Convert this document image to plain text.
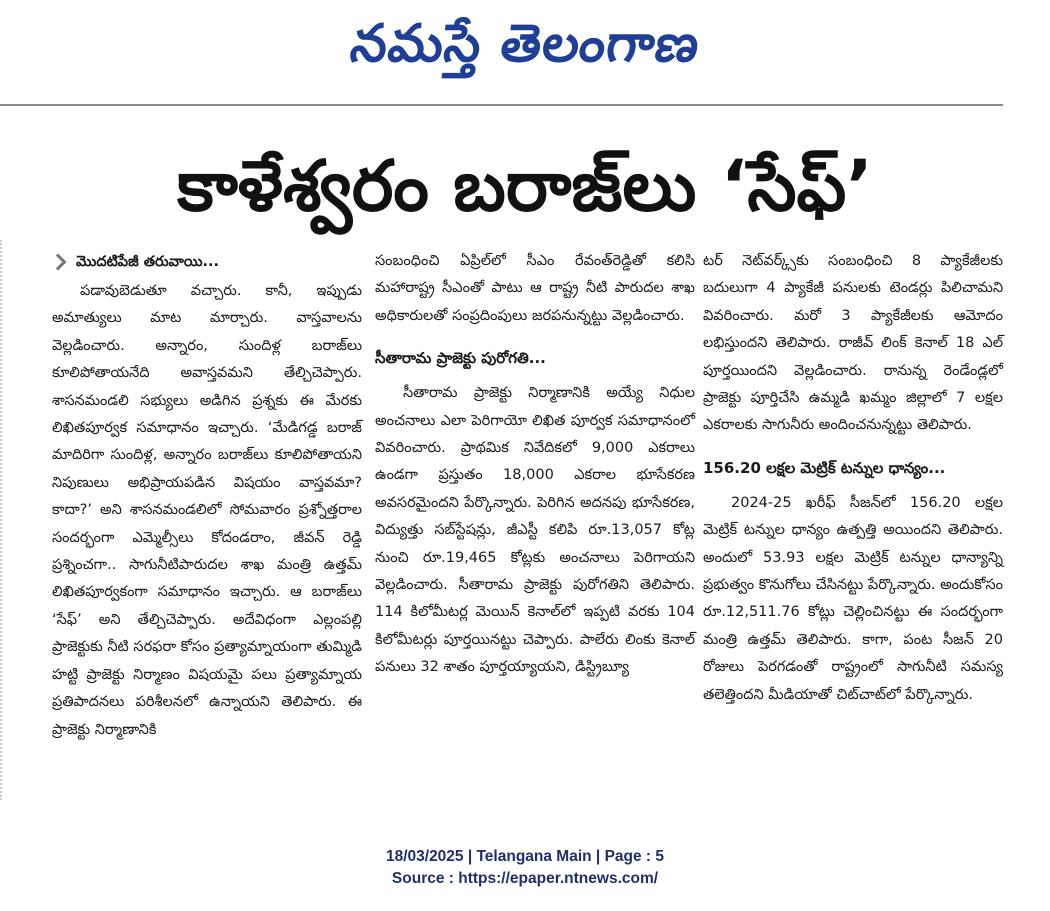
నమస్తే తెలంగాణ
కాళేశ్వరం బరాజ్‌లు ‘సేఫ్’
మొదటిపేజీ తరువాయి...

పడావుబెడుతూ వచ్చారు. కానీ, ఇప్పుడు అమాత్యులు మాట మార్చారు. వాస్తవాలను వెల్లడించారు. అన్నారం, సుందిళ్ల బరాజ్‌లు కూలిపోతాయనేది అవాస్తవమని తేల్చిచెప్పారు. శాసనమండలి సభ్యులు అడిగిన ప్రశ్నకు ఈ మేరకు లిఖితపూర్వక సమాధానం ఇచ్చారు. ‘మేడిగడ్డ బరాజ్ మాదిరిగా సుందిళ్ల, అన్నారం బరాజ్‌లు కూలిపోతాయని నిపుణులు అభిప్రాయపడిన విషయం వాస్తవమా? కాదా?’ అని శాసనమండలిలో సోమవారం ప్రశ్నోత్తరాల సందర్భంగా ఎమ్మెల్సీలు కోదండరాం, జీవన్ రెడ్డి ప్రశ్నించగా.. సాగునీటిపారుదల శాఖ మంత్రి ఉత్తమ్ లిఖితపూర్వకంగా సమాధానం ఇచ్చారు. ఆ బరాజ్‌లు ‘సేఫ్’ అని తేల్చిచెప్పారు. అదేవిధంగా ఎల్లంపల్లి ప్రాజెక్టుకు నీటి సరఫరా కోసం ప్రత్యామ్నాయంగా తుమ్మిడి హట్టి ప్రాజెక్టు నిర్మాణం విషయమై పలు ప్రత్యామ్నాయ ప్రతిపాదనలు పరిశీలనలో ఉన్నాయని తెలిపారు. ఈ ప్రాజెక్టు నిర్మాణానికి

సంబంధించి ఏప్రిల్‌లో సీఎం రేవంత్‌రెడ్డితో కలిసి మహారాష్ట్ర సీఎంతో పాటు ఆ రాష్ట్ర నీటి పారుదల శాఖ అధికారులతో సంప్రదింపులు జరపనున్నట్టు వెల్లడించారు.

సీతారామ ప్రాజెక్టు పురోగతి...

సీతారామ ప్రాజెక్టు నిర్మాణానికి అయ్యే నిధుల అంచనాలు ఎలా పెరిగాయో లిఖిత పూర్వక సమాధానంలో వివరించారు. ప్రాథమిక నివేదికలో 9,000 ఎకరాలు ఉండగా ప్రస్తుతం 18,000 ఎకరాల భూసేకరణ అవసరమైందని పేర్కొన్నారు. పెరిగిన అదనపు భూసేకరణ, విద్యుత్తు సబ్‌స్టేషన్లు, జీఎస్టీ కలిపి రూ.13,057 కోట్ల నుంచి రూ.19,465 కోట్లకు అంచనాలు పెరిగాయని వెల్లడించారు. సీతారామ ప్రాజెక్టు పురోగతిని తెలిపారు. 114 కిలోమీటర్ల మెయిన్ కెనాల్‌లో ఇప్పటి వరకు 104 కిలోమీటర్లు పూర్తయినట్టు చెప్పారు. పాలేరు లింకు కెనాల్ పనులు 32 శాతం పూర్తయ్యాయని, డిస్ట్రిబ్యూ

టర్ నెట్‌వర్క్స్‌కు సంబంధించి 8 ప్యాకేజీలకు బదులుగా 4 ప్యాకేజీ పనులకు టెండర్లు పిలిచామని వివరించారు. మరో 3 ప్యాకేజీలకు ఆమోదం లభిస్తుందని తెలిపారు. రాజీవ్ లింక్ కెనాల్ 18 ఎల్ పూర్తయిందని వెల్లడించారు. రానున్న రెండేండ్లలో ప్రాజెక్టు పూర్తిచేసి ఉమ్మడి ఖమ్మం జిల్లాలో 7 లక్షల ఎకరాలకు సాగునీరు అందించనున్నట్టు తెలిపారు.

156.20 లక్షల మెట్రిక్ టన్నుల ధాన్యం...

2024-25 ఖరీఫ్ సీజన్‌లో 156.20 లక్షల మెట్రిక్ టన్నుల ధాన్యం ఉత్పత్తి అయిందని తెలిపారు. అందులో 53.93 లక్షల మెట్రిక్ టన్నుల ధాన్యాన్ని ప్రభుత్వం కొనుగోలు చేసినట్టు పేర్కొన్నారు. అందుకోసం రూ.12,511.76 కోట్లు చెల్లించినట్టు ఈ సందర్భంగా మంత్రి ఉత్తమ్ తెలిపారు. కాగా, పంట సీజన్ 20 రోజులు పెరగడంతో రాష్ట్రంలో సాగునీటి సమస్య తలెత్తిందని మీడియాతో చిట్‌చాట్‌లో పేర్కొన్నారు.

18/03/2025 | Telangana Main | Page : 5
Source : https://epaper.ntnews.com/
